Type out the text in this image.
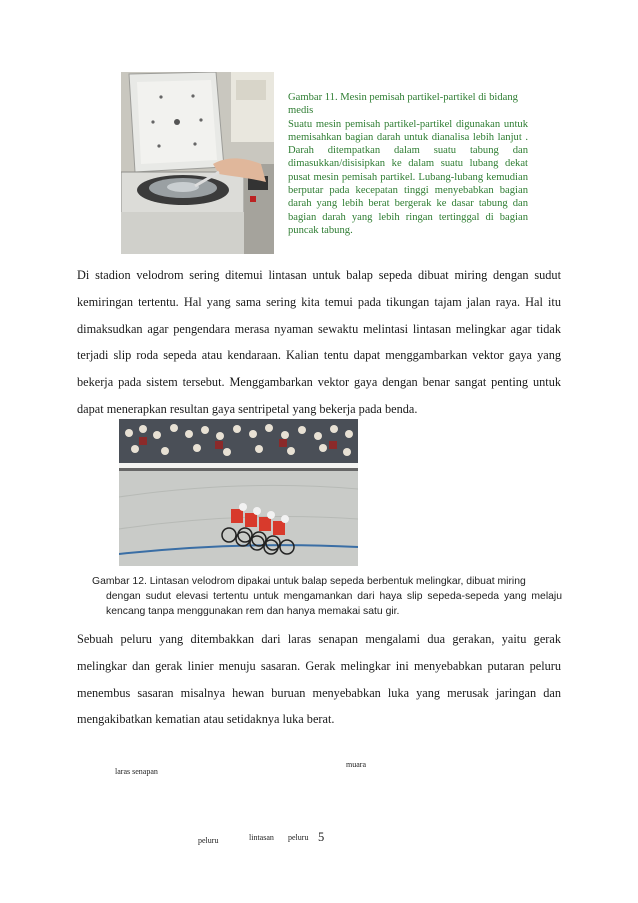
Gambar 11. Mesin pemisah partikel-partikel di bidang medis
Suatu mesin pemisah partikel-partikel digunakan untuk memisahkan bagian darah untuk dianalisa lebih lanjut . Darah ditempatkan dalam suatu tabung dan dimasukkan/disisipkan ke dalam suatu lubang dekat pusat mesin pemisah partikel. Lubang-lubang kemudian berputar pada kecepatan tinggi menyebabkan bagian darah yang lebih berat bergerak ke dasar tabung dan bagian darah yang lebih ringan tertinggal di bagian puncak tabung.
Di stadion velodrom sering ditemui lintasan untuk balap sepeda dibuat miring dengan sudut kemiringan tertentu. Hal yang sama sering kita temui pada tikungan tajam jalan raya. Hal itu dimaksudkan agar pengendara merasa nyaman sewaktu melintasi lintasan melingkar agar tidak terjadi slip roda sepeda atau kendaraan. Kalian tentu dapat menggambarkan vektor gaya yang bekerja pada sistem tersebut. Menggambarkan vektor gaya dengan benar sangat penting untuk dapat menerapkan resultan gaya sentripetal yang bekerja pada benda.
Gambar 12. Lintasan velodrom dipakai untuk balap sepeda berbentuk melingkar, dibuat miring
dengan sudut elevasi tertentu untuk mengamankan dari haya slip sepeda-sepeda yang melaju kencang tanpa menggunakan rem dan hanya memakai satu gir.
Sebuah peluru yang ditembakkan dari laras senapan mengalami dua gerakan, yaitu gerak melingkar dan gerak linier menuju sasaran. Gerak melingkar ini menyebabkan putaran peluru menembus sasaran misalnya hewan buruan menyebabkan luka yang merusak jaringan dan mengakibatkan kematian atau setidaknya luka berat.
muara
laras senapan
peluru	lintasan peluru 5
